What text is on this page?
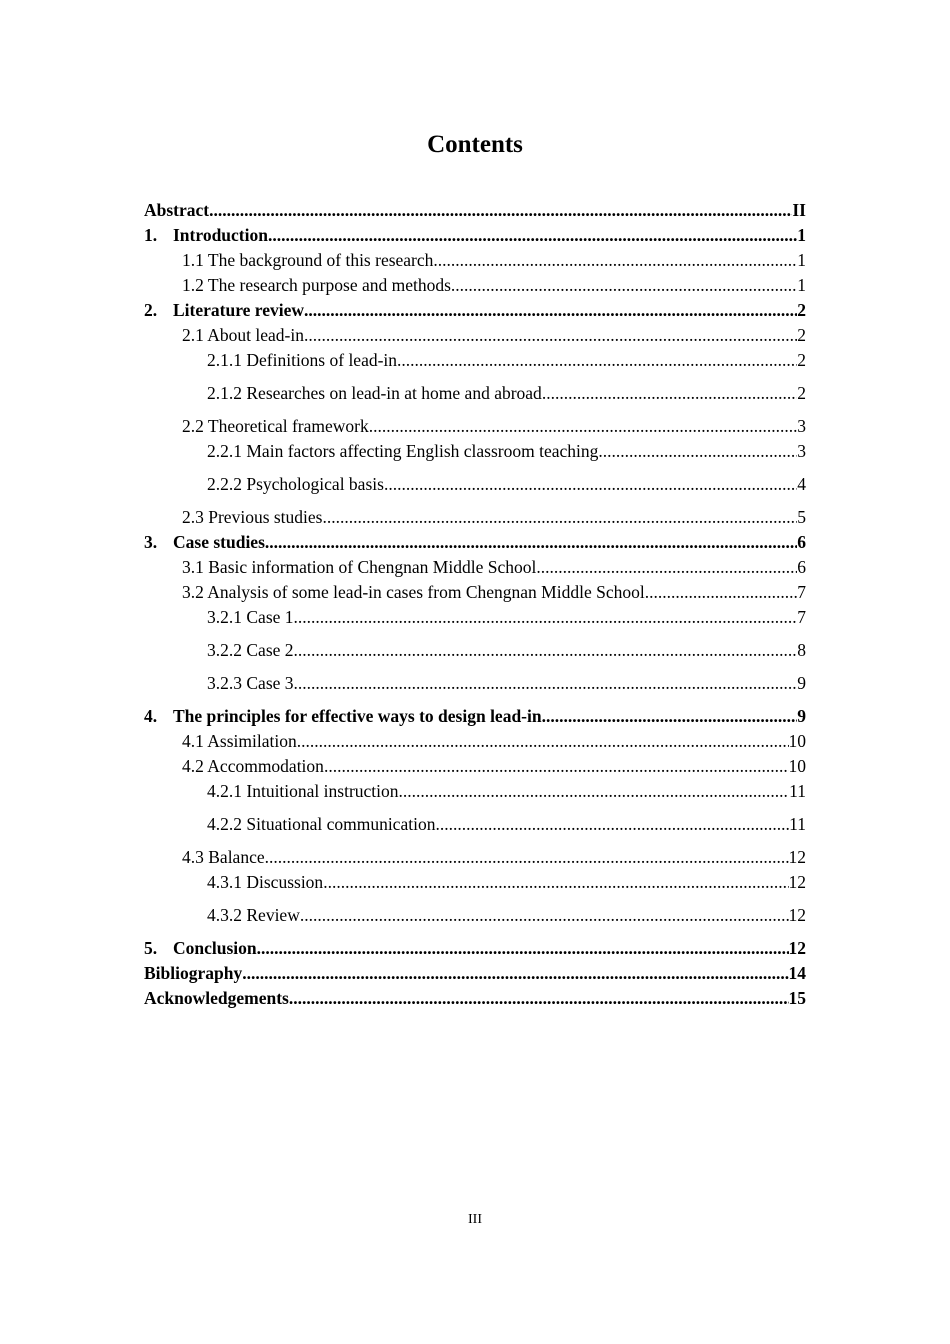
Contents
Abstract .....	II
1. Introduction .....	1
1.1 The background of this research .....	1
1.2 The research purpose and methods .....	1
2. Literature review .....	2
2.1 About lead-in .....	2
2.1.1 Definitions of lead-in .....	2
2.1.2 Researches on lead-in at home and abroad .....	2
2.2 Theoretical framework .....	3
2.2.1 Main factors affecting English classroom teaching .....	3
2.2.2 Psychological basis .....	4
2.3 Previous studies .....	5
3. Case studies .....	6
3.1 Basic information of Chengnan Middle School .....	6
3.2 Analysis of some lead-in cases from Chengnan Middle School .....	7
3.2.1 Case 1 .....	7
3.2.2 Case 2 .....	8
3.2.3 Case 3 .....	9
4. The principles for effective ways to design lead-in .....	9
4.1 Assimilation .....	10
4.2 Accommodation .....	10
4.2.1 Intuitional instruction .....	11
4.2.2 Situational communication .....	11
4.3 Balance .....	12
4.3.1 Discussion .....	12
4.3.2 Review .....	12
5. Conclusion .....	12
Bibliography .....	14
Acknowledgements .....	15
III
